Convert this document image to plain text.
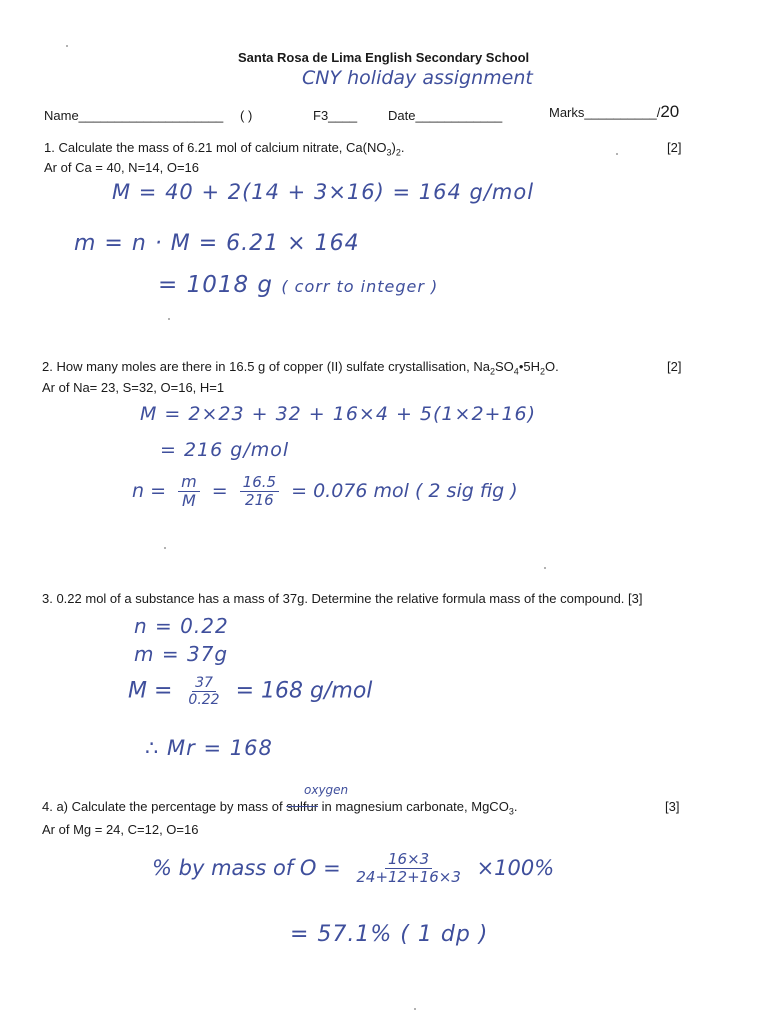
Santa Rosa de Lima English Secondary School
CNY holiday assignment
Name____________________ ( )	F3____ Date____________	Marks__________/20
1. Calculate the mass of 6.21 mol of calcium nitrate, $Ca(NO_3)_2$.	[2]
Ar of Ca = 40, N=14, O=16
M = 40 + 2(14 + 3×16) = 164 g/mol
m = n · M = 6.21 × 164
= 1018 g ( corr to integer )
2. How many moles are there in 16.5 g of copper (II) sulfate crystallisation, $Na_2SO_4•5H_2O$.	[2]
Ar of Na= 23, S=32, O=16, H=1
M = 2×23 + 32 + 16×4 + 5(1×2+16)
= 216 g/mol
$n = \frac{m}{M} = \frac{16.5}{216} = 0.076$ mol ( 2 sig fig )
3. 0.22 mol of a substance has a mass of 37g. Determine the relative formula mass of the compound. [3]
n = 0.22
m = 37g
$M = \frac{37}{0.22} = 168$ g/mol
∴ Mr = 168
oxygen
4. a) Calculate the percentage by mass of sulfur in magnesium carbonate, MgCO$_3$.	[3]
Ar of Mg = 24, C=12, O=16
% by mass of $O = \frac{16\times 3}{24+12+16\times 3} \times 100\%$
= 57.1% ( 1 dp )
